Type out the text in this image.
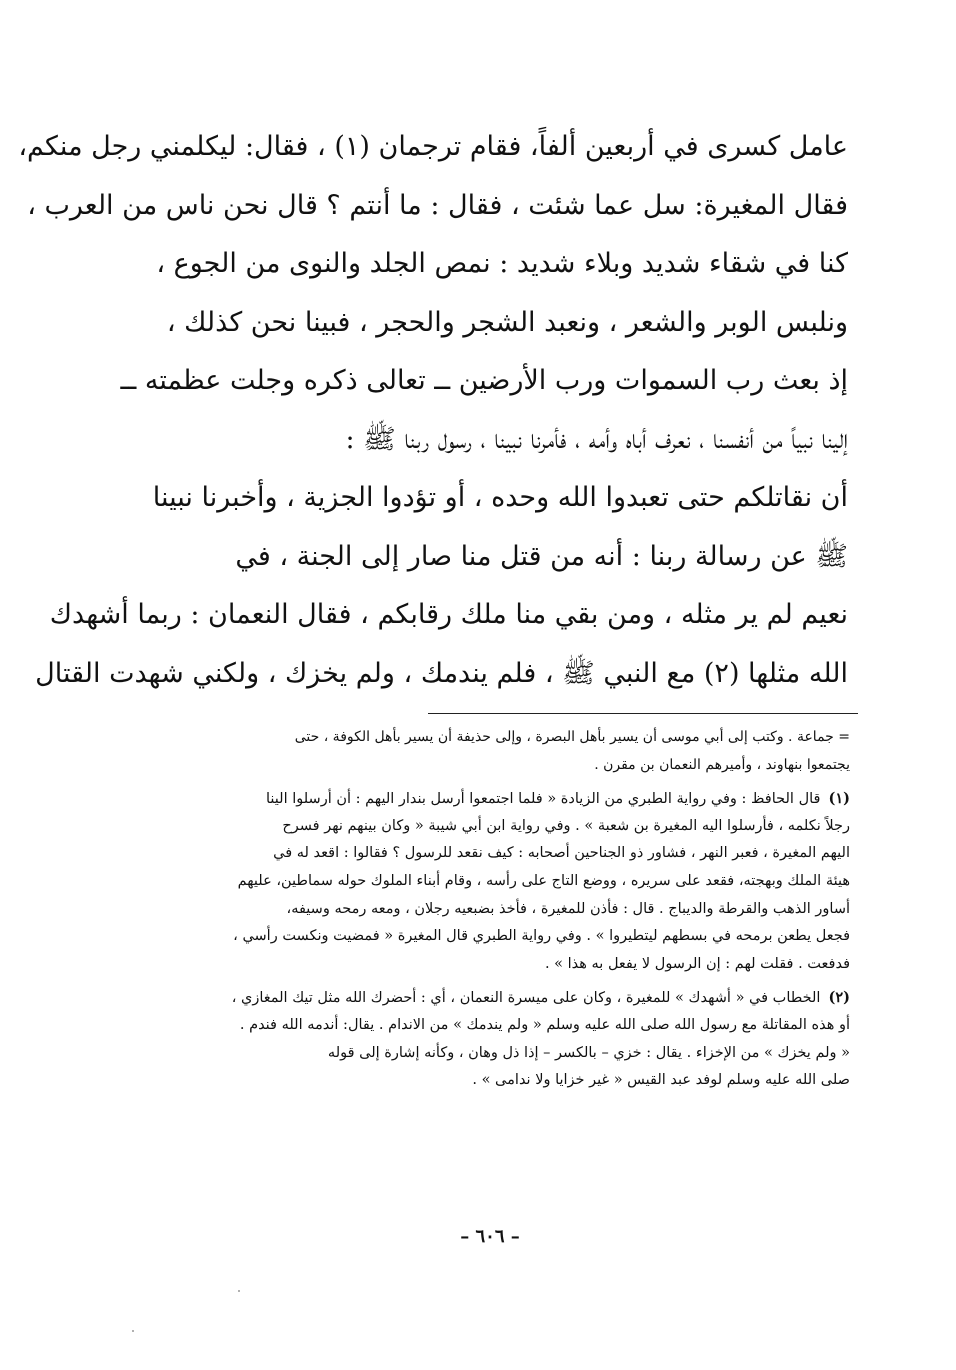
عامل كسرى في أربعين ألفاً، فقام ترجمان (١) ، فقال: ليكلمني رجل منكم،
فقال المغيرة: سل عما شئت ، فقال : ما أنتم ؟ قال نحن ناس من العرب ،
كنا في شقاء شديد وبلاء شديد : نمص الجلد والنوى من الجوع ،
ونلبس الوبر والشعر ، ونعبد الشجر والحجر ، فبينا نحن كذلك ،
إذ بعث رب السموات ورب الأرضين ــ تعالى ذكره وجلت عظمته ــ
إلينا نبياً من أنفسنا ، نعرف أباه وأمه ، فأمرنا نبينا ، رسول ربنا ﷺ :
أن نقاتلكم حتى تعبدوا الله وحده ، أو تؤدوا الجزية ، وأخبرنا نبينا
ﷺ عن رسالة ربنا : أنه من قتل منا صار إلى الجنة ، في
نعيم لم ير مثله ، ومن بقي منا ملك رقابكم ، فقال النعمان : ربما أشهدك
الله مثلها (٢) مع النبي ﷺ ، فلم يندمك ، ولم يخزك ، ولكني شهدت القتال
= جماعة . وكتب إلى أبي موسى أن يسير بأهل البصرة ، وإلى حذيفة أن يسير بأهل الكوفة ، حتى
يجتمعوا بنهاوند ، وأميرهم النعمان بن مقرن .
(١)قال الحافظ : وفي رواية الطبري من الزيادة « فلما اجتمعوا أرسل بندار اليهم : أن أرسلوا الينا
رجلاً نكلمه ، فأرسلوا اليه المغيرة بن شعبة » . وفي رواية ابن أبي شيبة « وكان بينهم نهر فسرح
اليهم المغيرة ، فعبر النهر ، فشاور ذو الجناحين أصحابه : كيف نقعد للرسول ؟ فقالوا : اقعد له في
هيئة الملك وبهجته، فقعد على سريره ، ووضع التاج على رأسه ، وقام أبناء الملوك حوله سماطين، عليهم
أساور الذهب والقرطة والديباج . قال : فأذن للمغيرة ، فأخذ بضبعيه رجلان ، ومعه رمحه وسيفه،
فجعل يطعن برمحه في بسطهم ليتطيروا » . وفي رواية الطبري قال المغيرة « فمضيت ونكست رأسي ،
فدفعت . فقلت لهم : إن الرسول لا يفعل به هذا » .
(٢)الخطاب في « أشهدك » للمغيرة ، وكان على ميسرة النعمان ، أي : أحضرك الله مثل تيك المغازي ،
أو هذه المقاتلة مع رسول الله صلى الله عليه وسلم « ولم يندمك » من الاندام . يقال: أندمه الله فندم .
« ولم يخزك » من الإخزاء . يقال : خزي – بالكسر – إذا ذل وهان ، وكأنه إشارة إلى قوله
صلى الله عليه وسلم لوفد عبد القيس « غير خزايا ولا ندامى » .
– ٦٠٦ –
